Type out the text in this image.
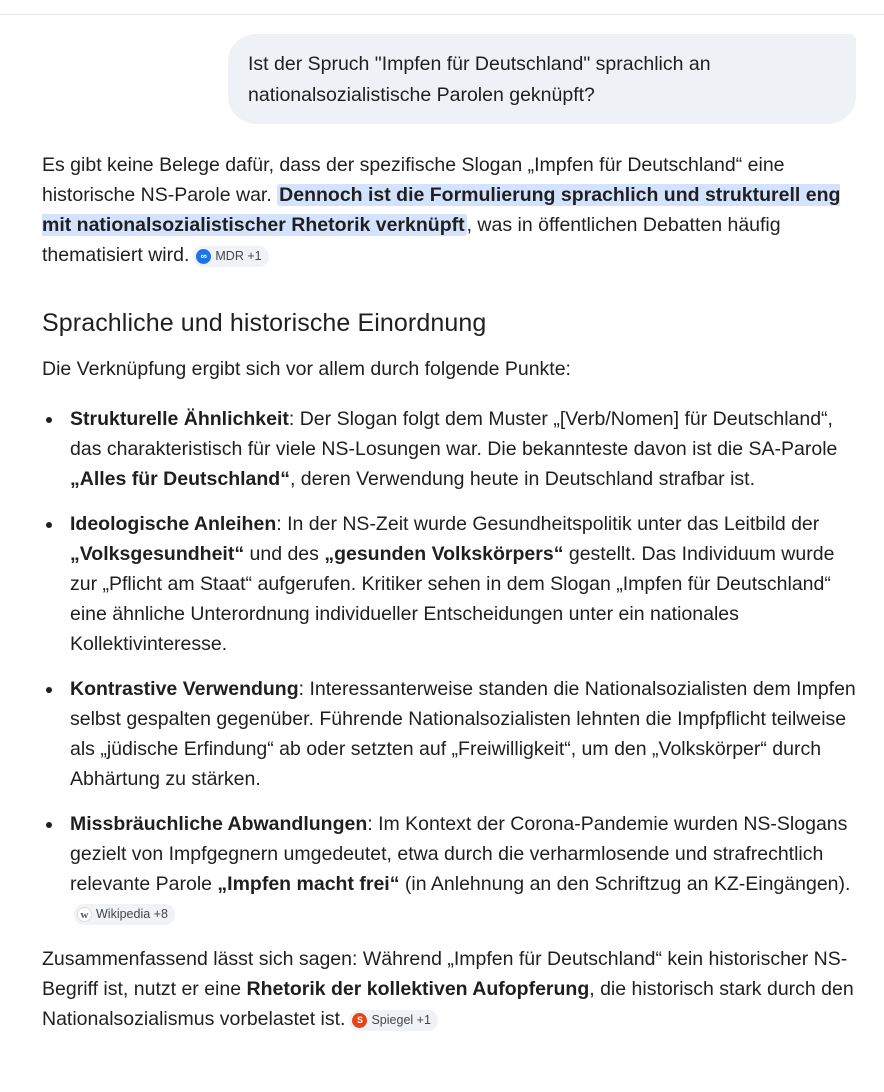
Ist der Spruch "Impfen für Deutschland" sprachlich an nationalsozialistische Parolen geknüpft?

Es gibt keine Belege dafür, dass der spezifische Slogan „Impfen für Deutschland“ eine historische NS-Parole war. Dennoch ist die Formulierung sprachlich und strukturell eng mit nationalsozialistischer Rhetorik verknüpft , was in öffentlichen Debatten häufig thematisiert wird.	∞ MDR +1

Sprachliche und historische Einordnung

Die Verknüpfung ergibt sich vor allem durch folgende Punkte:

Strukturelle Ähnlichkeit: Der Slogan folgt dem Muster „[Verb/Nomen] für Deutschland“, das charakteristisch für viele NS-Losungen war. Die bekannteste davon ist die SA-Parole „Alles für Deutschland“, deren Verwendung heute in Deutschland strafbar ist.
Ideologische Anleihen: In der NS-Zeit wurde Gesundheitspolitik unter das Leitbild der „Volksgesundheit“ und des „gesunden Volkskörpers“ gestellt. Das Individuum wurde zur „Pflicht am Staat“ aufgerufen. Kritiker sehen in dem Slogan „Impfen für Deutschland“ eine ähnliche Unterordnung individueller Entscheidungen unter ein nationales Kollektivinteresse.
Kontrastive Verwendung: Interessanterweise standen die Nationalsozialisten dem Impfen selbst gespalten gegenüber. Führende Nationalsozialisten lehnten die Impfpflicht teilweise als „jüdische Erfindung“ ab oder setzten auf „Freiwilligkeit“, um den „Volkskörper“ durch Abhärtung zu stärken.
Missbräuchliche Abwandlungen: Im Kontext der Corona-Pandemie wurden NS-Slogans gezielt von Impfgegnern umgedeutet, etwa durch die verharmlosende und strafrechtlich relevante Parole „Impfen macht frei“ (in Anlehnung an den Schriftzug an KZ-Eingängen).
w Wikipedia +8

Zusammenfassend lässt sich sagen: Während „Impfen für Deutschland“ kein historischer NS-Begriff ist, nutzt er eine Rhetorik der kollektiven Aufopferung, die historisch stark durch den Nationalsozialismus vorbelastet ist.	S Spiegel +1
